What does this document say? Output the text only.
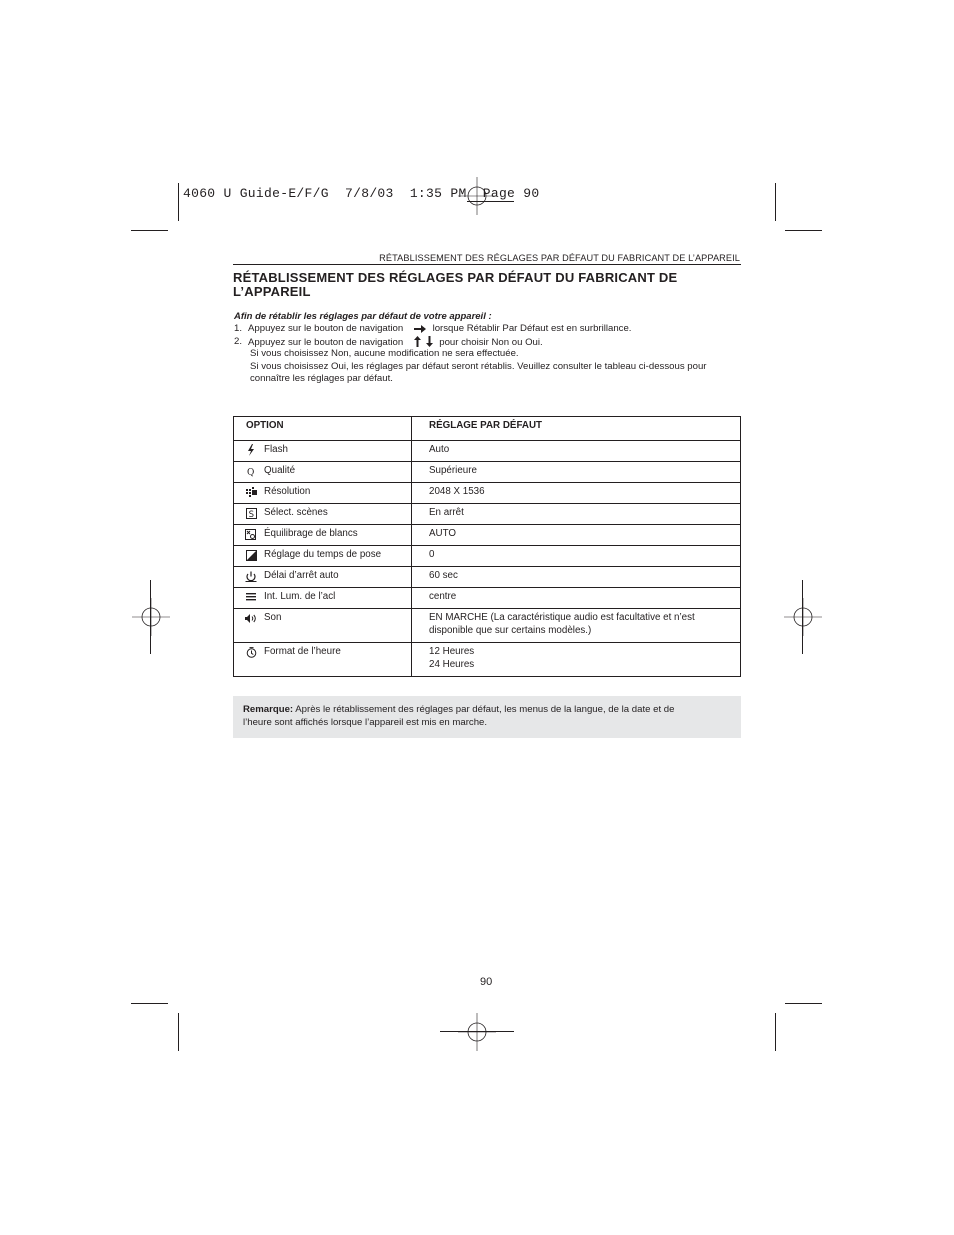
4060 U Guide-E/F/G  7/8/03  1:35 PM  Page 90
RÉTABLISSEMENT DES RÉGLAGES PAR DÉFAUT DU FABRICANT DE L’APPAREIL
RÉTABLISSEMENT DES RÉGLAGES PAR DÉFAUT DU FABRICANT DE
L’APPAREIL
Afin de rétablir les réglages par défaut de votre appareil :
1. Appuyez sur le bouton de navigation	lorsque Rétablir Par Défaut est en surbrillance.
2. Appuyez sur le bouton de navigation	pour choisir Non ou Oui.
Si vous choisissez Non, aucune modification ne sera effectuée.
Si vous choisissez Oui, les réglages par défaut seront rétablis. Veuillez consulter le tableau ci-dessous pour
connaître les réglages par défaut.
OPTION	RÉGLAGE PAR DÉFAUT

Flash	Auto

Q Qualité	Supérieure

Résolution	2048 X 1536

S Sélect. scènes	En arrêt

Équilibrage de blancs	AUTO

Réglage du temps de pose	0

Délai d’arrêt auto	60 sec

Int. Lum. de l’acl	centre

Son	EN MARCHE (La caractéristique audio est facultative et n’est
disponible que sur certains modèles.)

Format de l’heure	12 Heures
24 Heures
Remarque: Après le rétablissement des réglages par défaut, les menus de la langue, de la date et de
l’heure sont affichés lorsque l’appareil est mis en marche.
90
